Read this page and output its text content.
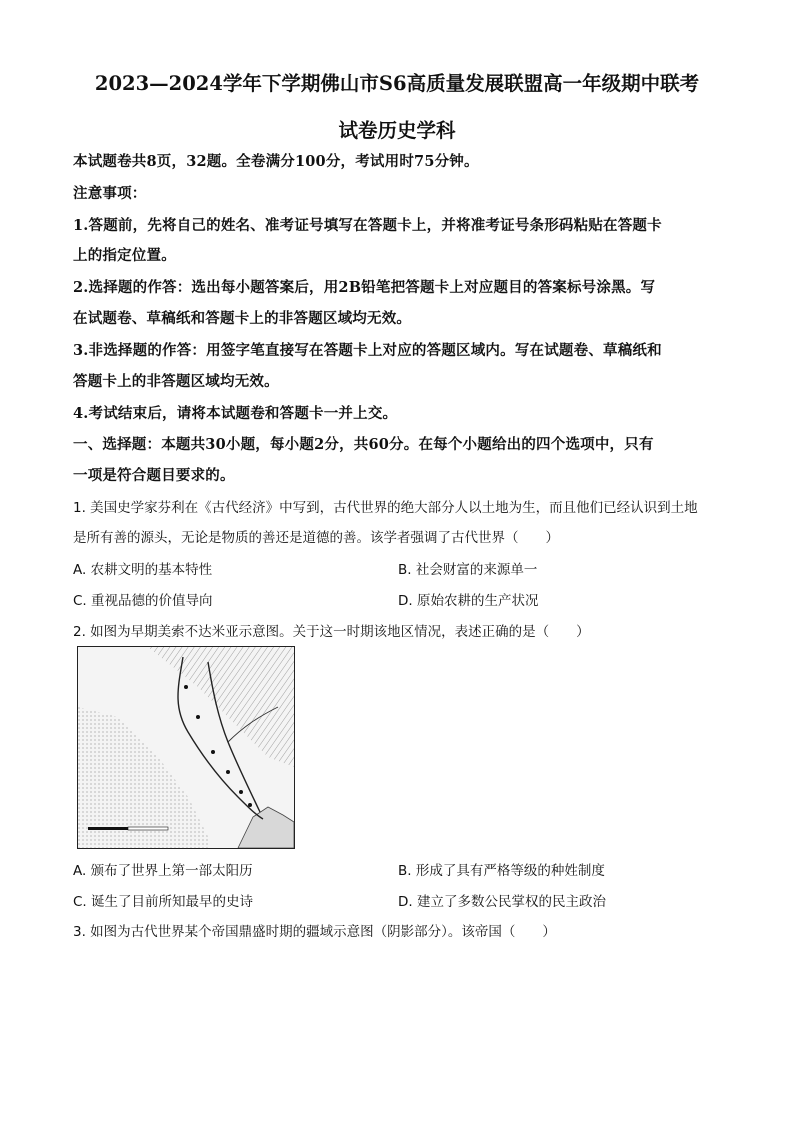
2023—2024学年下学期佛山市S6高质量发展联盟高一年级期中联考
试卷历史学科
本试题卷共8页，32题。全卷满分100分，考试用时75分钟。
注意事项：
1.答题前，先将自己的姓名、准考证号填写在答题卡上，并将准考证号条形码粘贴在答题卡
上的指定位置。
2.选择题的作答：选出每小题答案后，用2B铅笔把答题卡上对应题目的答案标号涂黑。写
在试题卷、草稿纸和答题卡上的非答题区域均无效。
3.非选择题的作答：用签字笔直接写在答题卡上对应的答题区域内。写在试题卷、草稿纸和
答题卡上的非答题区域均无效。
4.考试结束后，请将本试题卷和答题卡一并上交。
一、选择题：本题共30小题，每小题2分，共60分。在每个小题给出的四个选项中，只有
一项是符合题目要求的。
1. 美国史学家芬利在《古代经济》中写到，古代世界的绝大部分人以土地为生，而且他们已经认识到土地
是所有善的源头，无论是物质的善还是道德的善。该学者强调了古代世界（　　）
A. 农耕文明的基本特性	B. 社会财富的来源单一
C. 重视品德的价值导向	D. 原始农耕的生产状况
2. 如图为早期美索不达米亚示意图。关于这一时期该地区情况，表述正确的是（　　）
A. 颁布了世界上第一部太阳历	B. 形成了具有严格等级的种姓制度
C. 诞生了目前所知最早的史诗	D. 建立了多数公民掌权的民主政治
3. 如图为古代世界某个帝国鼎盛时期的疆域示意图（阴影部分）。该帝国（　　）
